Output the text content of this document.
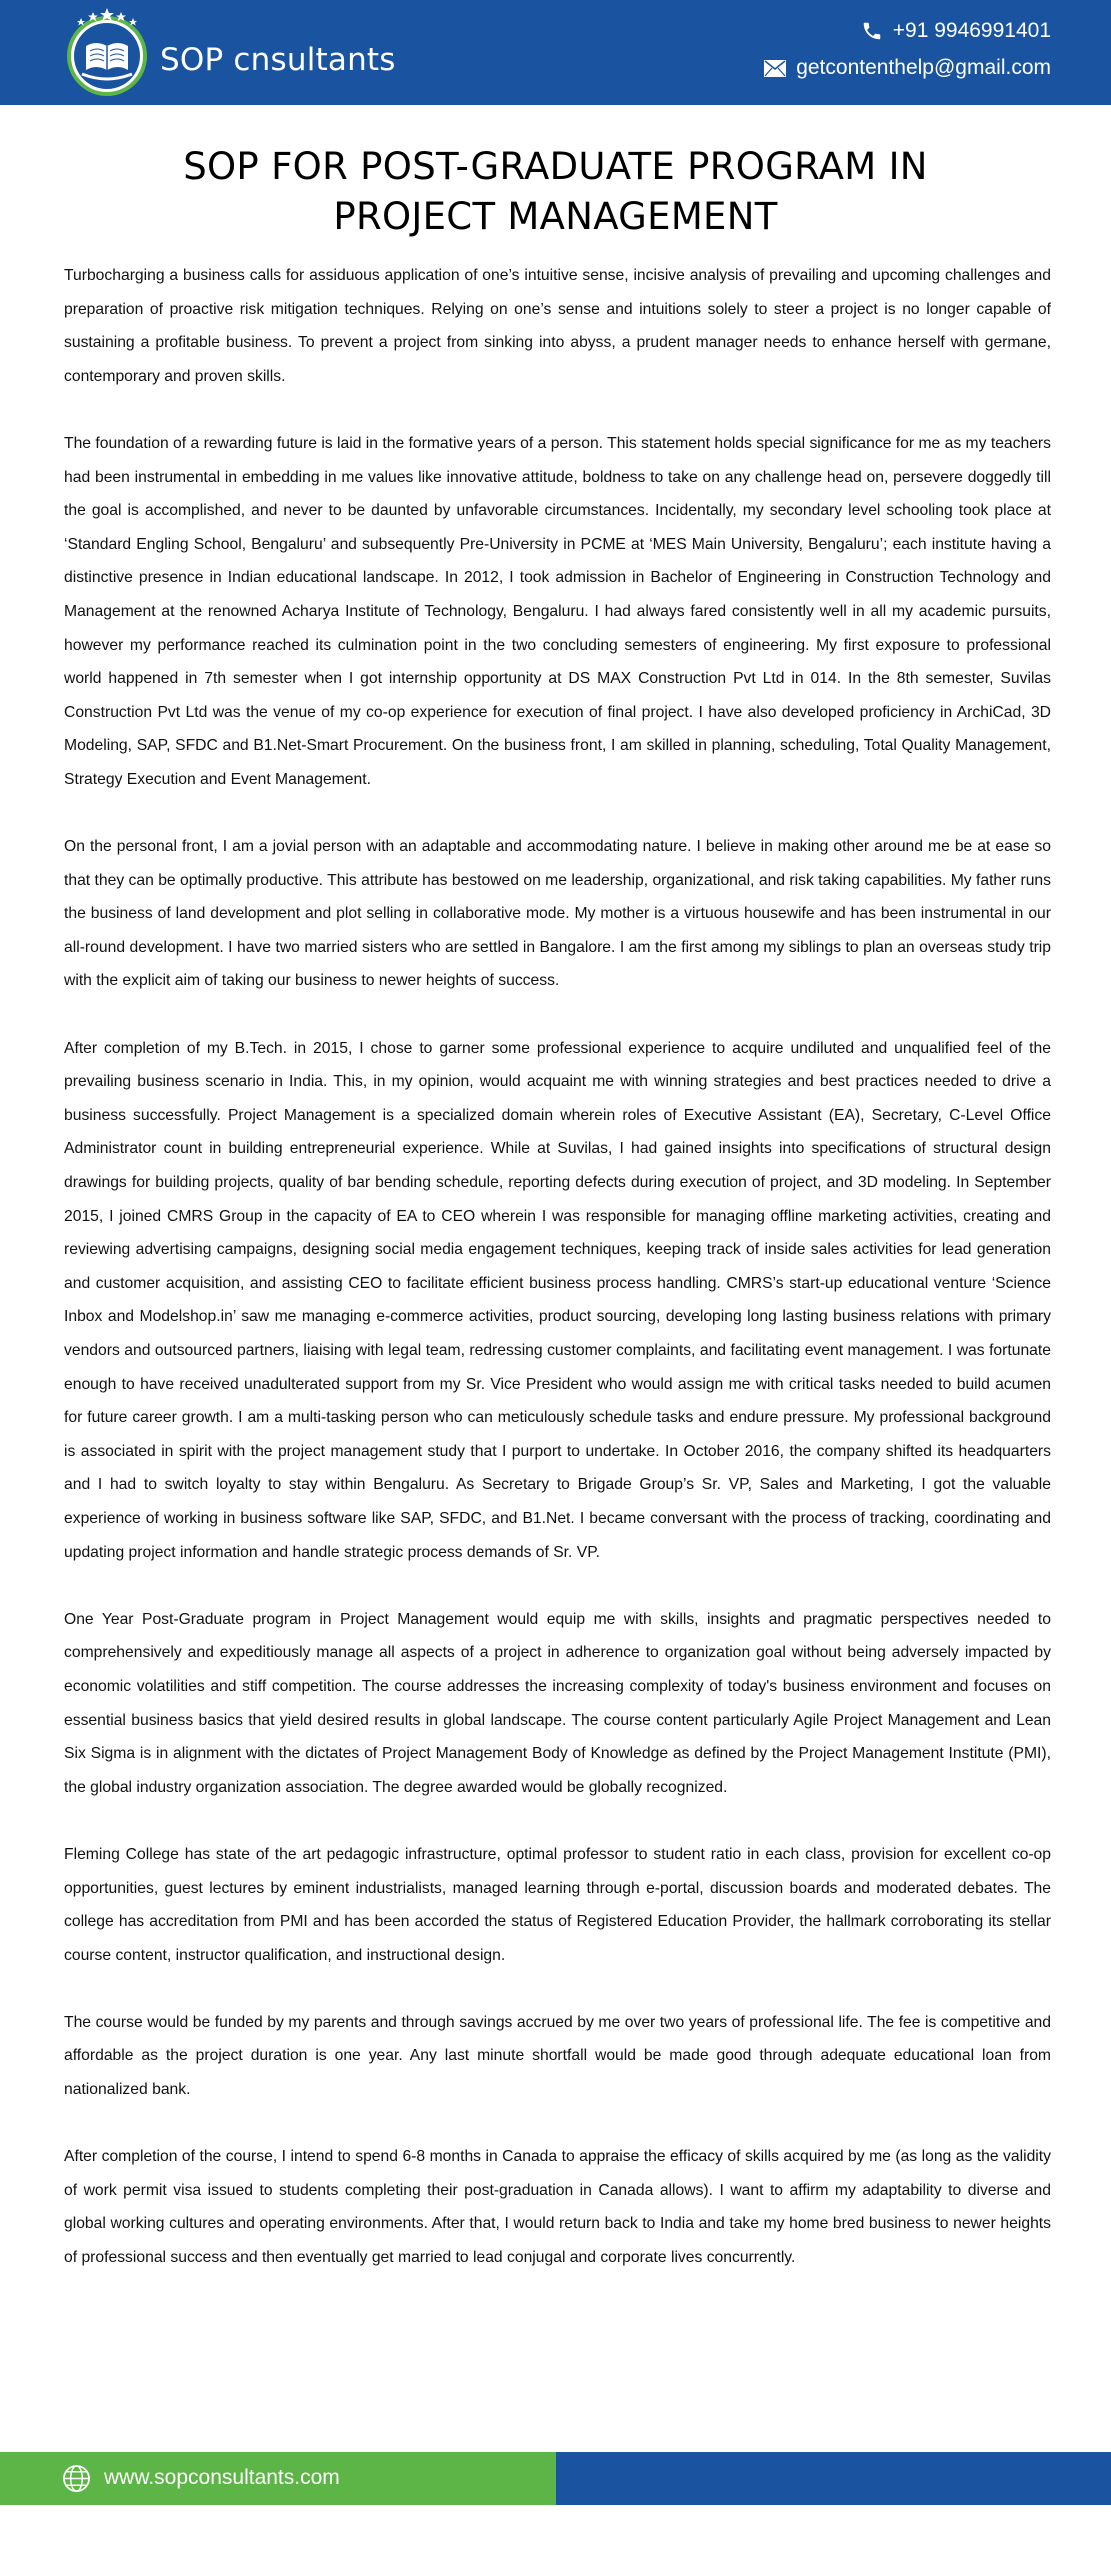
SOP cnsultants
+91 9946991401
getcontenthelp@gmail.com
SOP FOR POST-GRADUATE PROGRAM IN
PROJECT MANAGEMENT

Turbocharging a business calls for assiduous application of one’s intuitive sense, incisive analysis of prevailing and upcoming challenges and preparation of proactive risk mitigation techniques. Relying on one’s sense and intuitions solely to steer a project is no longer capable of sustaining a profitable business. To prevent a project from sinking into abyss, a prudent manager needs to enhance herself with germane, contemporary and proven skills.

The foundation of a rewarding future is laid in the formative years of a person. This statement holds special significance for me as my teachers had been instrumental in embedding in me values like innovative attitude, boldness to take on any challenge head on, persevere doggedly till the goal is accomplished, and never to be daunted by unfavorable circumstances. Incidentally, my secondary level schooling took place at ‘Standard Engling School, Bengaluru’ and subsequently Pre-University in PCME at ‘MES Main University, Bengaluru’; each institute having a distinctive presence in Indian educational landscape. In 2012, I took admission in Bachelor of Engineering in Construction Technology and Management at the renowned Acharya Institute of Technology, Bengaluru. I had always fared consistently well in all my academic pursuits, however my performance reached its culmination point in the two concluding semesters of engineering. My first exposure to professional world happened in 7th semester when I got internship opportunity at DS MAX Construction Pvt Ltd in 014. In the 8th semester, Suvilas Construction Pvt Ltd was the venue of my co-op experience for execution of final project. I have also developed proficiency in ArchiCad, 3D Modeling, SAP, SFDC and B1.Net-Smart Procurement. On the business front, I am skilled in planning, scheduling, Total Quality Management, Strategy Execution and Event Management.

On the personal front, I am a jovial person with an adaptable and accommodating nature. I believe in making other around me be at ease so that they can be optimally productive. This attribute has bestowed on me leadership, organizational, and risk taking capabilities. My father runs the business of land development and plot selling in collaborative mode. My mother is a virtuous housewife and has been instrumental in our all-round development. I have two married sisters who are settled in Bangalore. I am the first among my siblings to plan an overseas study trip with the explicit aim of taking our business to newer heights of success.

After completion of my B.Tech. in 2015, I chose to garner some professional experience to acquire undiluted and unqualified feel of the prevailing business scenario in India. This, in my opinion, would acquaint me with winning strategies and best practices needed to drive a business successfully. Project Management is a specialized domain wherein roles of Executive Assistant (EA), Secretary, C-Level Office Administrator count in building entrepreneurial experience. While at Suvilas, I had gained insights into specifications of structural design drawings for building projects, quality of bar bending schedule, reporting defects during execution of project, and 3D modeling. In September 2015, I joined CMRS Group in the capacity of EA to CEO wherein I was responsible for managing offline marketing activities, creating and reviewing advertising campaigns, designing social media engagement techniques, keeping track of inside sales activities for lead generation and customer acquisition, and assisting CEO to facilitate efficient business process handling. CMRS’s start-up educational venture ‘Science Inbox and Modelshop.in’ saw me managing e-commerce activities, product sourcing, developing long lasting business relations with primary vendors and outsourced partners, liaising with legal team, redressing customer complaints, and facilitating event management. I was fortunate enough to have received unadulterated support from my Sr. Vice President who would assign me with critical tasks needed to build acumen for future career growth. I am a multi-tasking person who can meticulously schedule tasks and endure pressure. My professional background is associated in spirit with the project management study that I purport to undertake. In October 2016, the company shifted its headquarters and I had to switch loyalty to stay within Bengaluru. As Secretary to Brigade Group’s Sr. VP, Sales and Marketing, I got the valuable experience of working in business software like SAP, SFDC, and B1.Net. I became conversant with the process of tracking, coordinating and updating project information and handle strategic process demands of Sr. VP.

One Year Post-Graduate program in Project Management would equip me with skills, insights and pragmatic perspectives needed to comprehensively and expeditiously manage all aspects of a project in adherence to organization goal without being adversely impacted by economic volatilities and stiff competition. The course addresses the increasing complexity of today's business environment and focuses on essential business basics that yield desired results in global landscape. The course content particularly Agile Project Management and Lean Six Sigma is in alignment with the dictates of Project Management Body of Knowledge as defined by the Project Management Institute (PMI), the global industry organization association. The degree awarded would be globally recognized.

Fleming College has state of the art pedagogic infrastructure, optimal professor to student ratio in each class, provision for excellent co-op opportunities, guest lectures by eminent industrialists, managed learning through e-portal, discussion boards and moderated debates. The college has accreditation from PMI and has been accorded the status of Registered Education Provider, the hallmark corroborating its stellar course content, instructor qualification, and instructional design.

The course would be funded by my parents and through savings accrued by me over two years of professional life. The fee is competitive and affordable as the project duration is one year. Any last minute shortfall would be made good through adequate educational loan from nationalized bank.

After completion of the course, I intend to spend 6-8 months in Canada to appraise the efficacy of skills acquired by me (as long as the validity of work permit visa issued to students completing their post-graduation in Canada allows). I want to affirm my adaptability to diverse and global working cultures and operating environments. After that, I would return back to India and take my home bred business to newer heights of professional success and then eventually get married to lead conjugal and corporate lives concurrently.

www.sopconsultants.com
